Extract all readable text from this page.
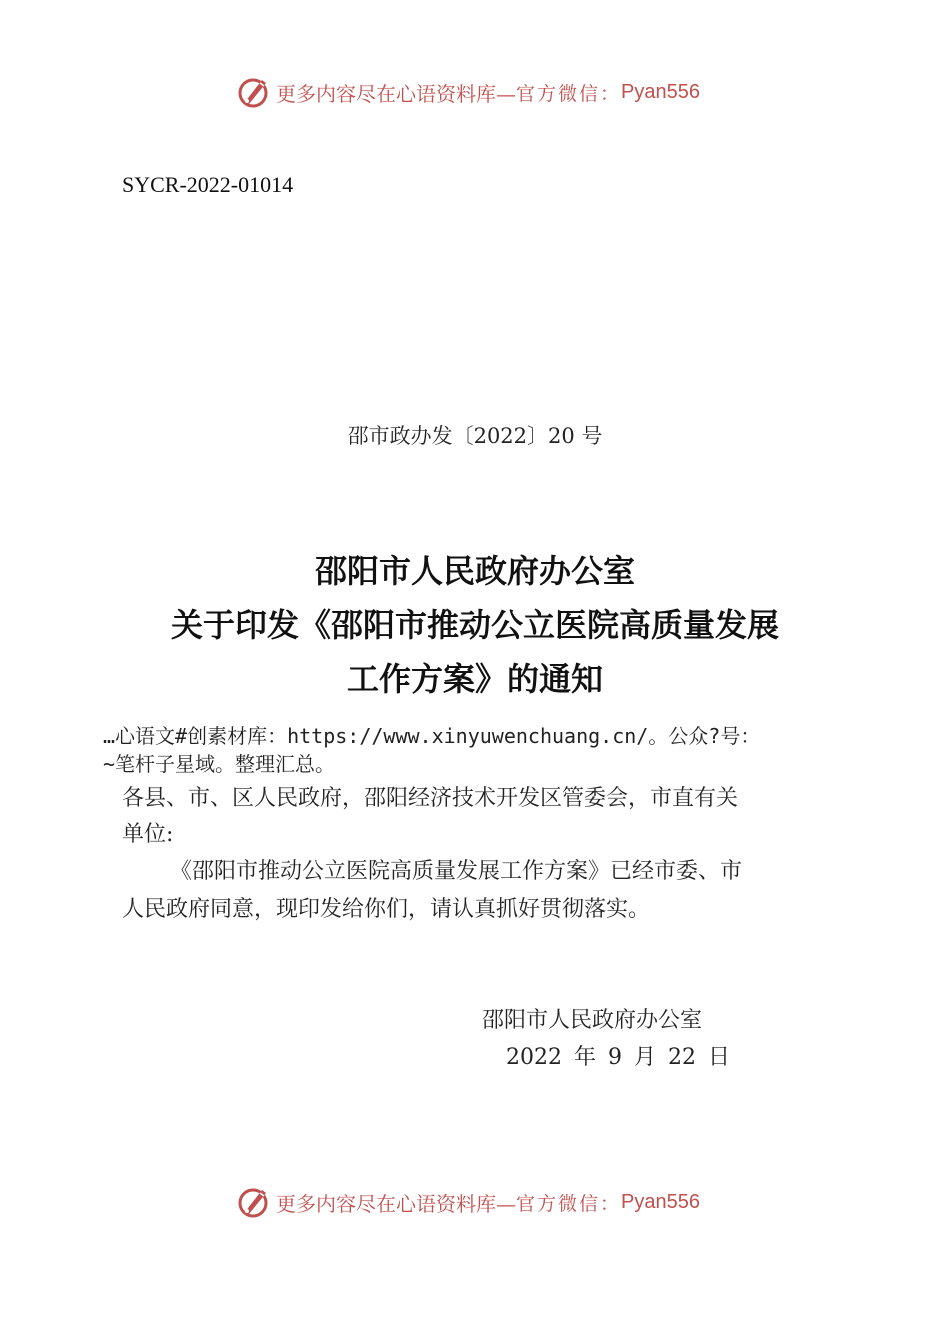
更多内容尽在心语资料库— 官方微信： Pyan556
SYCR-2022-01014
邵市政办发〔2022〕20 号
邵阳市人民政府办公室
关于印发《邵阳市推动公立医院高质量发展
工作方案》的通知
…心语文#创素材库：https://www.xinyuwenchuang.cn/。公众?号：
~笔杆子星域。整理汇总。
各县、市、区人民政府，邵阳经济技术开发区管委会，市直有关
单位:
《邵阳市推动公立医院高质量发展工作方案》已经市委、市
人民政府同意，现印发给你们，请认真抓好贯彻落实。
邵阳市人民政府办公室
2022 年 9 月 22 日
更多内容尽在心语资料库— 官方微信： Pyan556
